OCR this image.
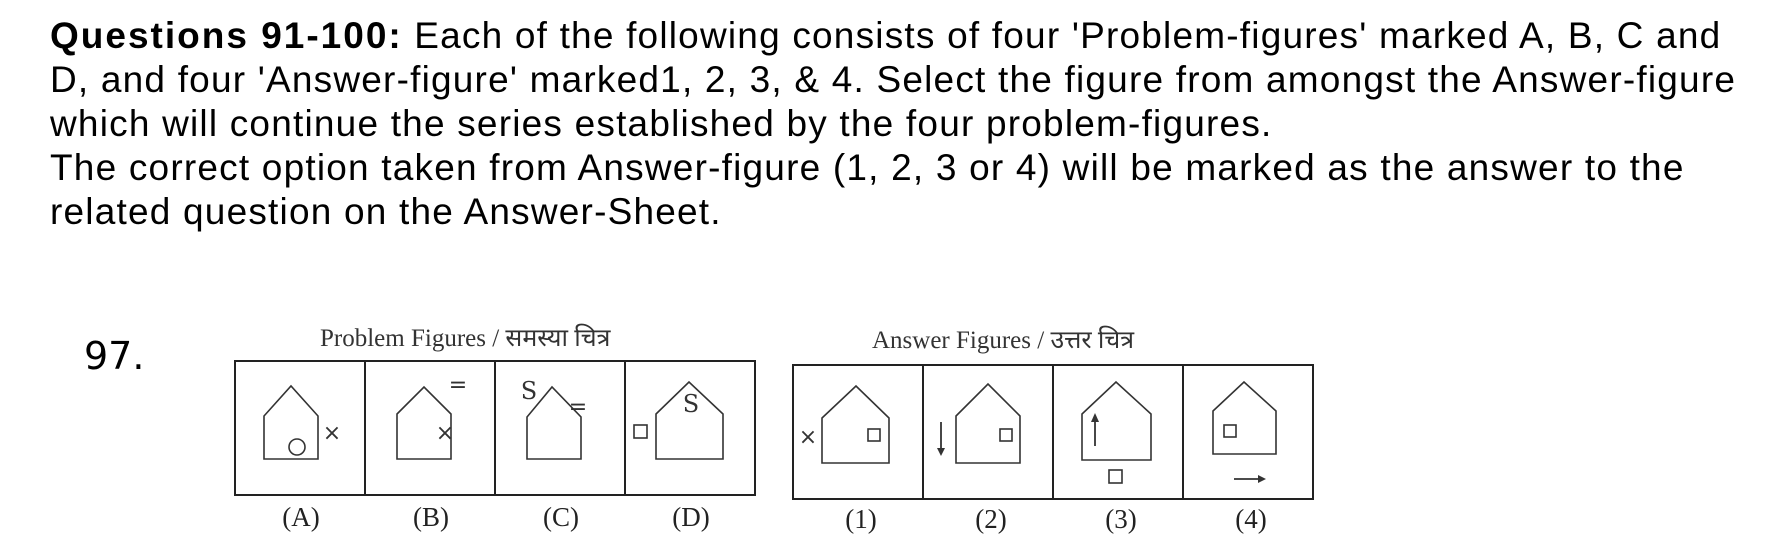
Questions 91-100: Each of the following consists of four 'Problem-figures' marked A, B, C and D, and four 'Answer-figure' marked1, 2, 3, & 4. Select the figure from amongst the Answer-figure which will continue the series established by the four problem-figures.

The correct option taken from Answer-figure (1, 2, 3 or 4) will be marked as the answer to the related question on the Answer-Sheet.

97.	Problem Figures / समस्या चित्र	Answer Figures / उत्तर चित्र
×
=
×
S
=	S
(A)	(B)	(C)	(D)
×
(1)	(2)	(3)	(4)
